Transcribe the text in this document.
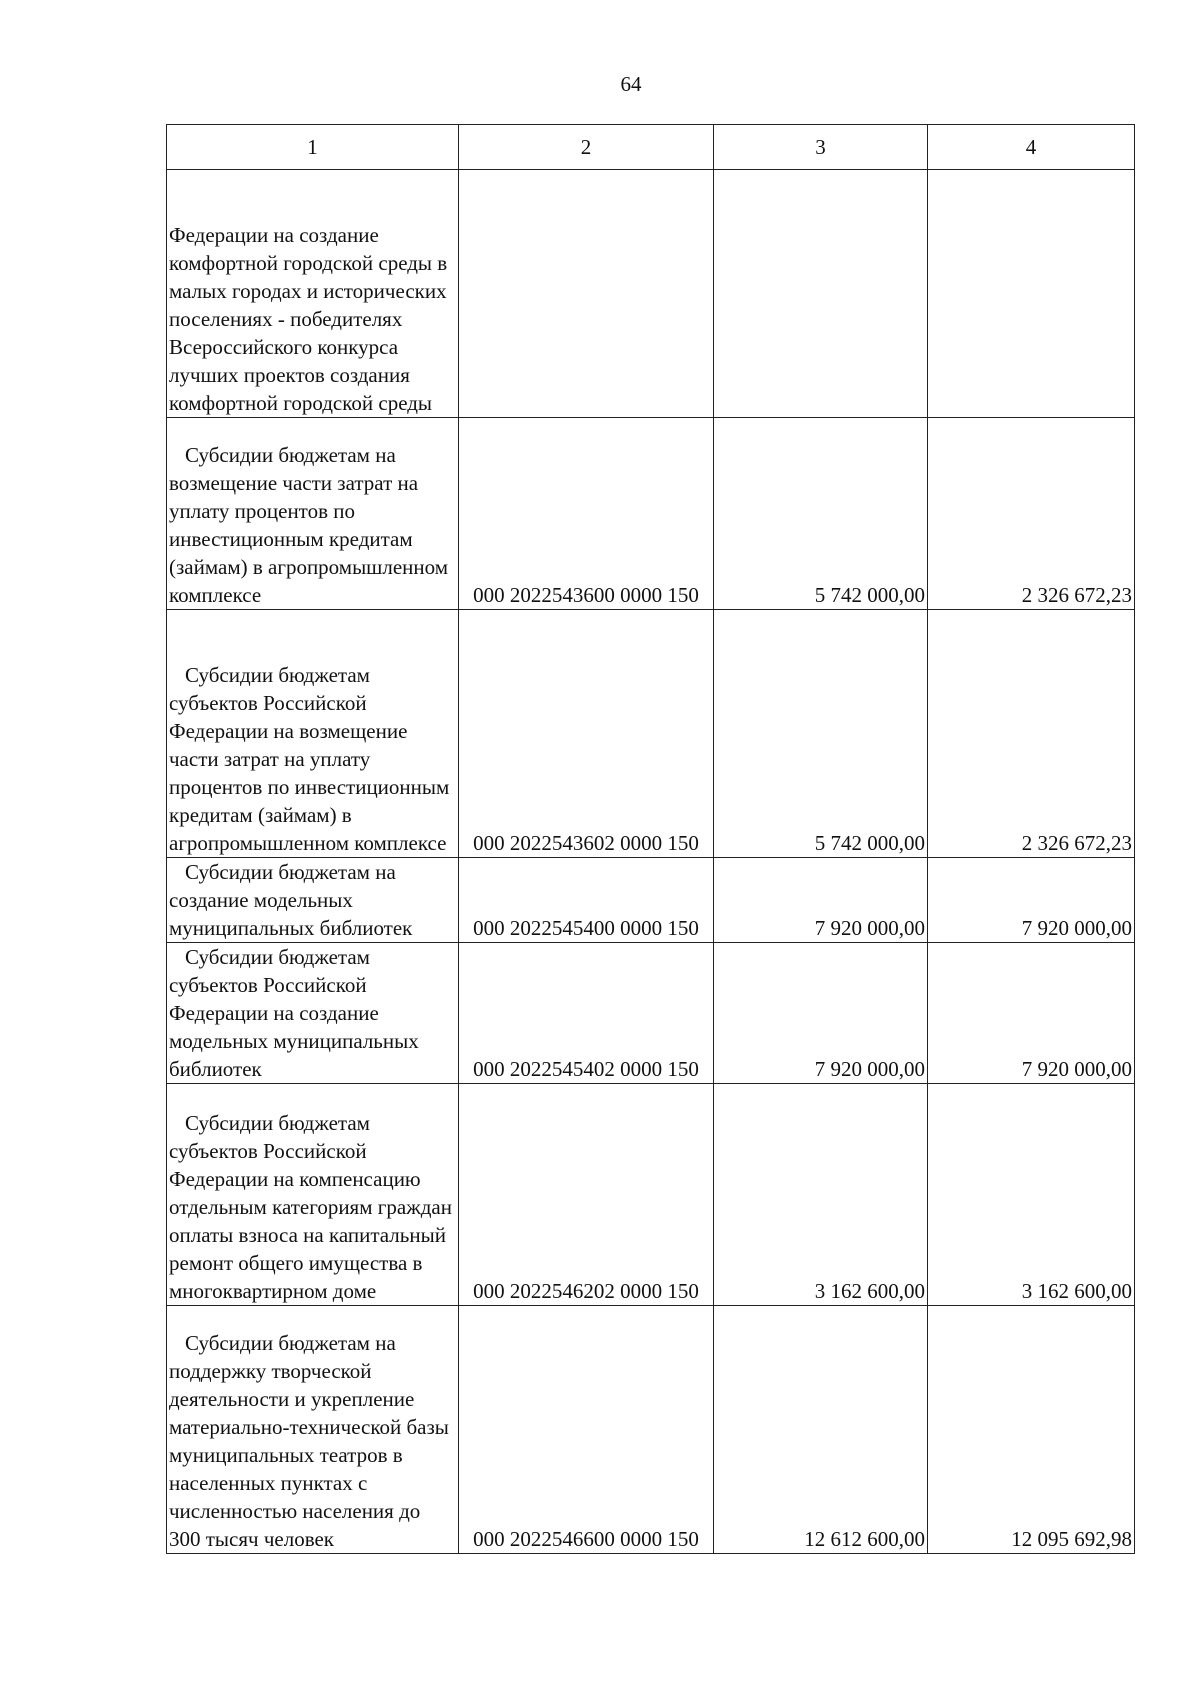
64
1	2	3	4
Федерации на создание комфортной городской среды в малых городах и исторических поселениях - победителях Всероссийского конкурса лучших проектов создания комфортной городской среды			
Субсидии бюджетам на возмещение части затрат на уплату процентов по инвестиционным кредитам (займам) в агропромышленном комплексе	000 2022543600 0000 150	5 742 000,00	2 326 672,23
Субсидии бюджетам субъектов Российской Федерации на возмещение части затрат на уплату процентов по инвестиционным кредитам (займам) в агропромышленном комплексе	000 2022543602 0000 150	5 742 000,00	2 326 672,23
Субсидии бюджетам на создание модельных муниципальных библиотек	000 2022545400 0000 150	7 920 000,00	7 920 000,00
Субсидии бюджетам субъектов Российской Федерации на создание модельных муниципальных библиотек	000 2022545402 0000 150	7 920 000,00	7 920 000,00
Субсидии бюджетам субъектов Российской Федерации на компенсацию отдельным категориям граждан оплаты взноса на капитальный ремонт общего имущества в многоквартирном доме	000 2022546202 0000 150	3 162 600,00	3 162 600,00
Субсидии бюджетам на поддержку творческой деятельности и укрепление материально-технической базы муниципальных театров в населенных пунктах с численностью населения до 300 тысяч человек	000 2022546600 0000 150	12 612 600,00	12 095 692,98
